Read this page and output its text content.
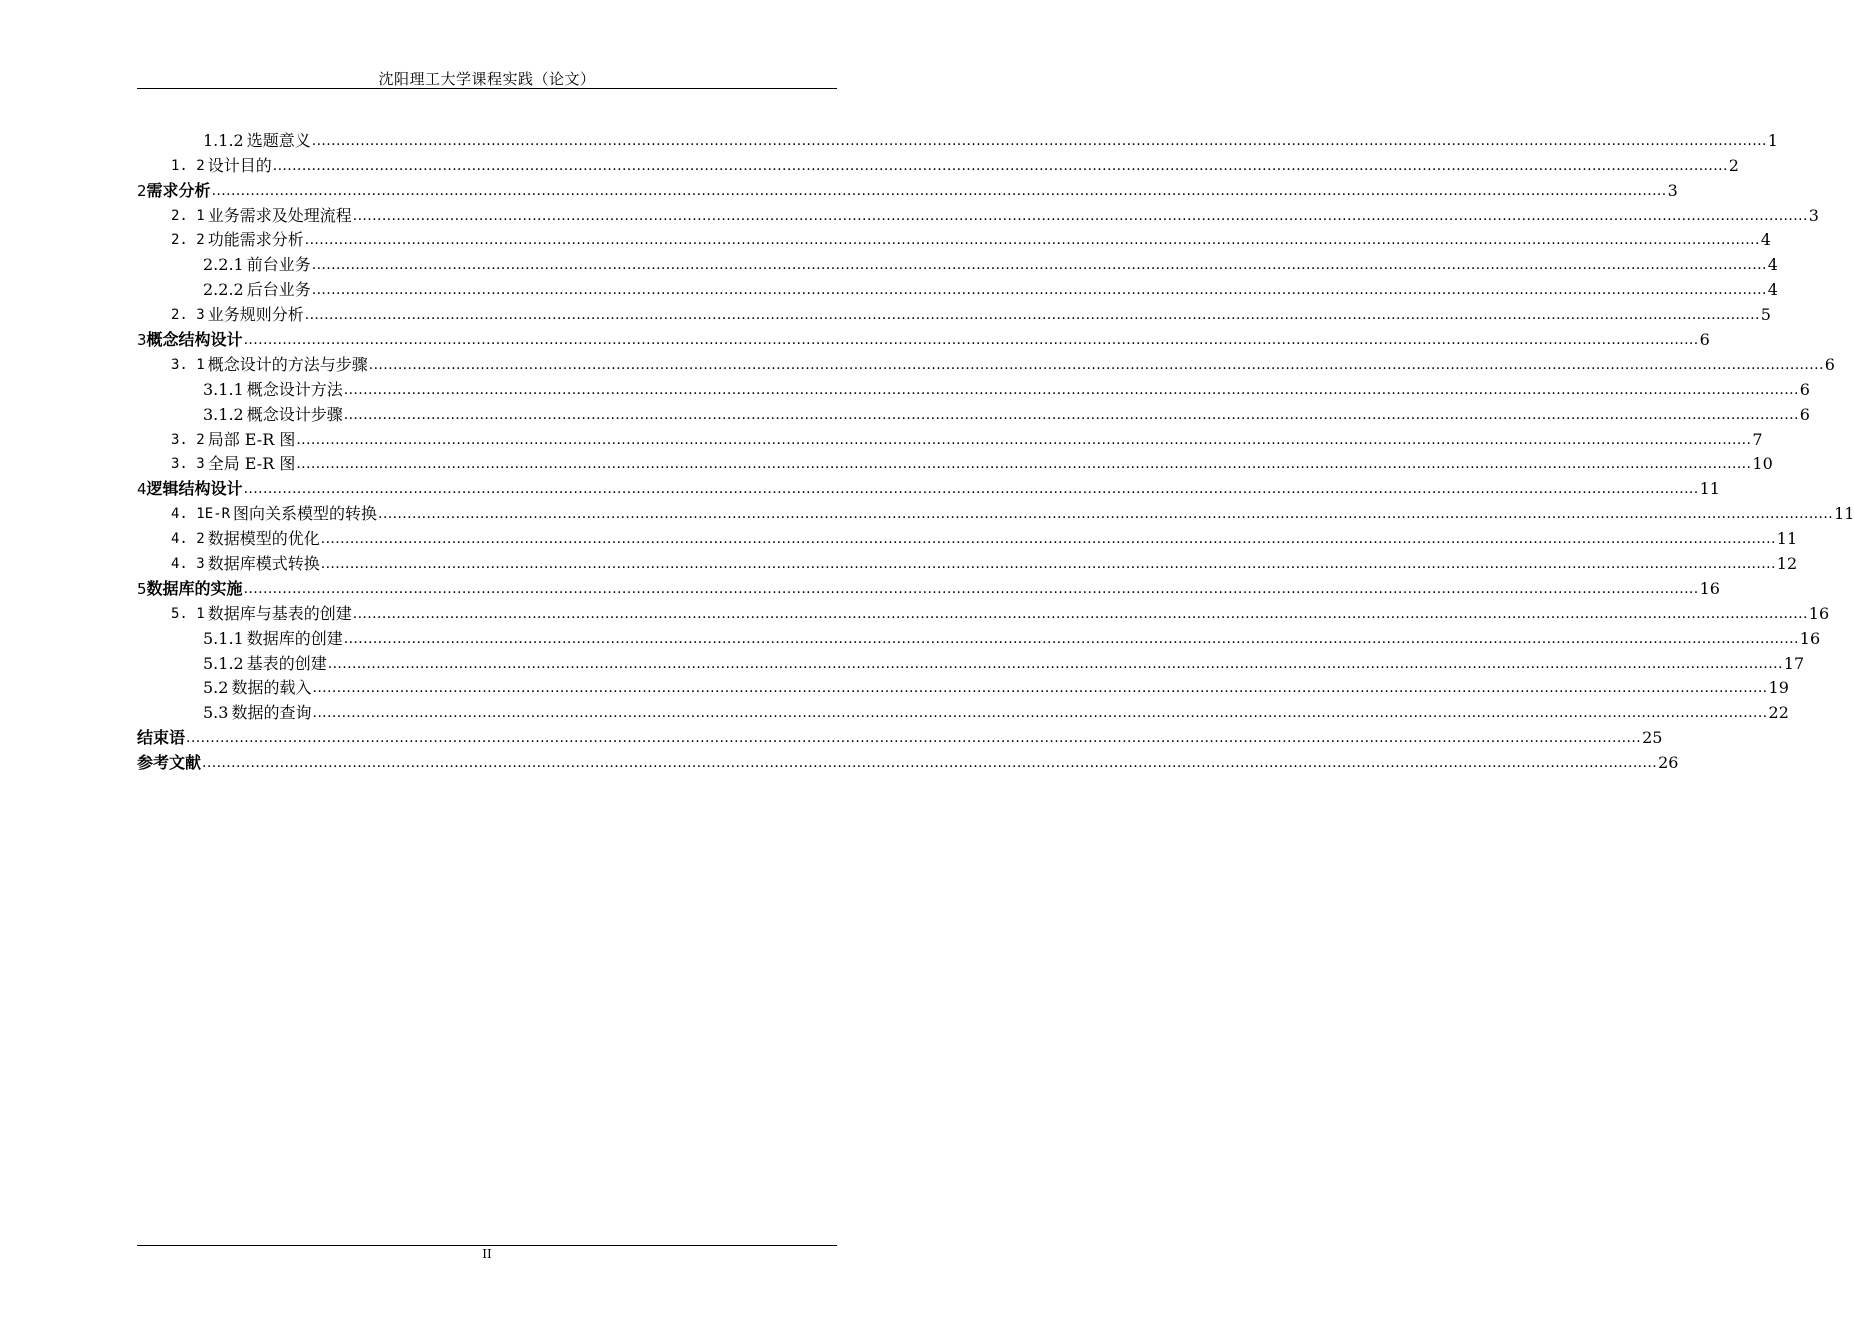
沈阳理工大学课程实践（论文）
1.1.2 选题意义 ............................................................................................................................................................................................................................................................................................................ 1
1. 2 设计目的 ............................................................................................................................................................................................................................................................................................................ 2
2 需求分析 ............................................................................................................................................................................................................................................................................................................ 3
2. 1 业务需求及处理流程 ............................................................................................................................................................................................................................................................................................................ 3
2. 2 功能需求分析 ............................................................................................................................................................................................................................................................................................................ 4
2.2.1 前台业务 ............................................................................................................................................................................................................................................................................................................ 4
2.2.2 后台业务 ............................................................................................................................................................................................................................................................................................................ 4
2. 3 业务规则分析 ............................................................................................................................................................................................................................................................................................................ 5
3 概念结构设计 ............................................................................................................................................................................................................................................................................................................ 6
3. 1 概念设计的方法与步骤 ............................................................................................................................................................................................................................................................................................................ 6
3.1.1 概念设计方法 ............................................................................................................................................................................................................................................................................................................ 6
3.1.2 概念设计步骤 ............................................................................................................................................................................................................................................................................................................ 6
3. 2 局部 E-R 图 ............................................................................................................................................................................................................................................................................................................ 7
3. 3 全局 E-R 图 ............................................................................................................................................................................................................................................................................................................ 10
4 逻辑结构设计 ............................................................................................................................................................................................................................................................................................................ 11
4. 1E-R 图向关系模型的转换 ............................................................................................................................................................................................................................................................................................................ 11
4. 2 数据模型的优化 ............................................................................................................................................................................................................................................................................................................ 11
4. 3 数据库模式转换 ............................................................................................................................................................................................................................................................................................................ 12
5 数据库的实施 ............................................................................................................................................................................................................................................................................................................ 16
5. 1 数据库与基表的创建 ............................................................................................................................................................................................................................................................................................................ 16
5.1.1 数据库的创建 ............................................................................................................................................................................................................................................................................................................ 16
5.1.2 基表的创建 ............................................................................................................................................................................................................................................................................................................ 17
5.2 数据的载入 ............................................................................................................................................................................................................................................................................................................ 19
5.3 数据的查询 ............................................................................................................................................................................................................................................................................................................ 22
结束语 ............................................................................................................................................................................................................................................................................................................ 25
参考文献 ............................................................................................................................................................................................................................................................................................................ 26
II
